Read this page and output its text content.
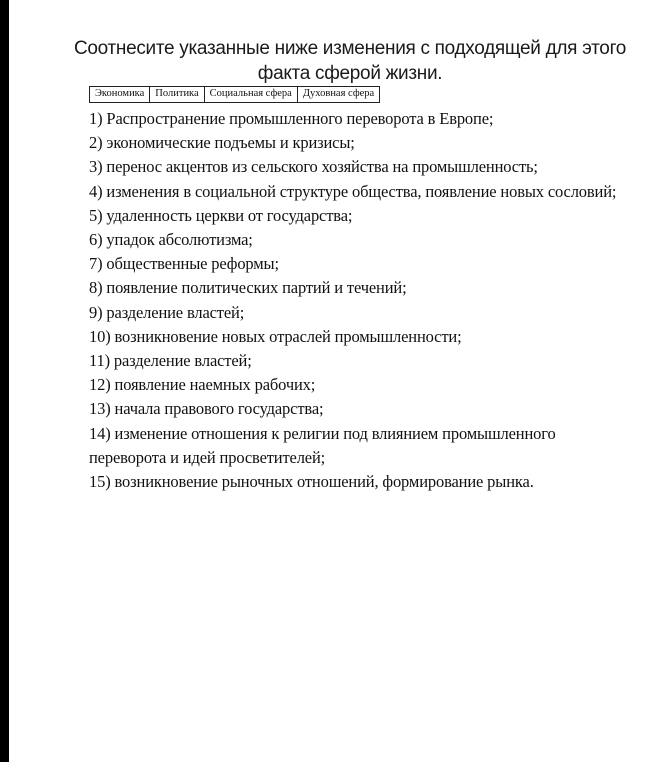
Соотнесите указанные ниже изменения с подходящей для этого факта сферой жизни.
Экономика	Политика	Социальная сфера	Духовная сфера
1) Распространение промышленного переворота в Европе;
2) экономические подъемы и кризисы;
3) перенос акцентов из сельского хозяйства на промышленность;
4) изменения в социальной структуре общества, появление новых сословий;
5) удаленность церкви от государства;
6) упадок абсолютизма;
7) общественные реформы;
8) появление политических партий и течений;
9) разделение властей;
10) возникновение новых отраслей промышленности;
11) разделение властей;
12) появление наемных рабочих;
13) начала правового государства;
14) изменение отношения к религии под влиянием промышленного переворота и идей просветителей;
15) возникновение рыночных отношений, формирование рынка.
